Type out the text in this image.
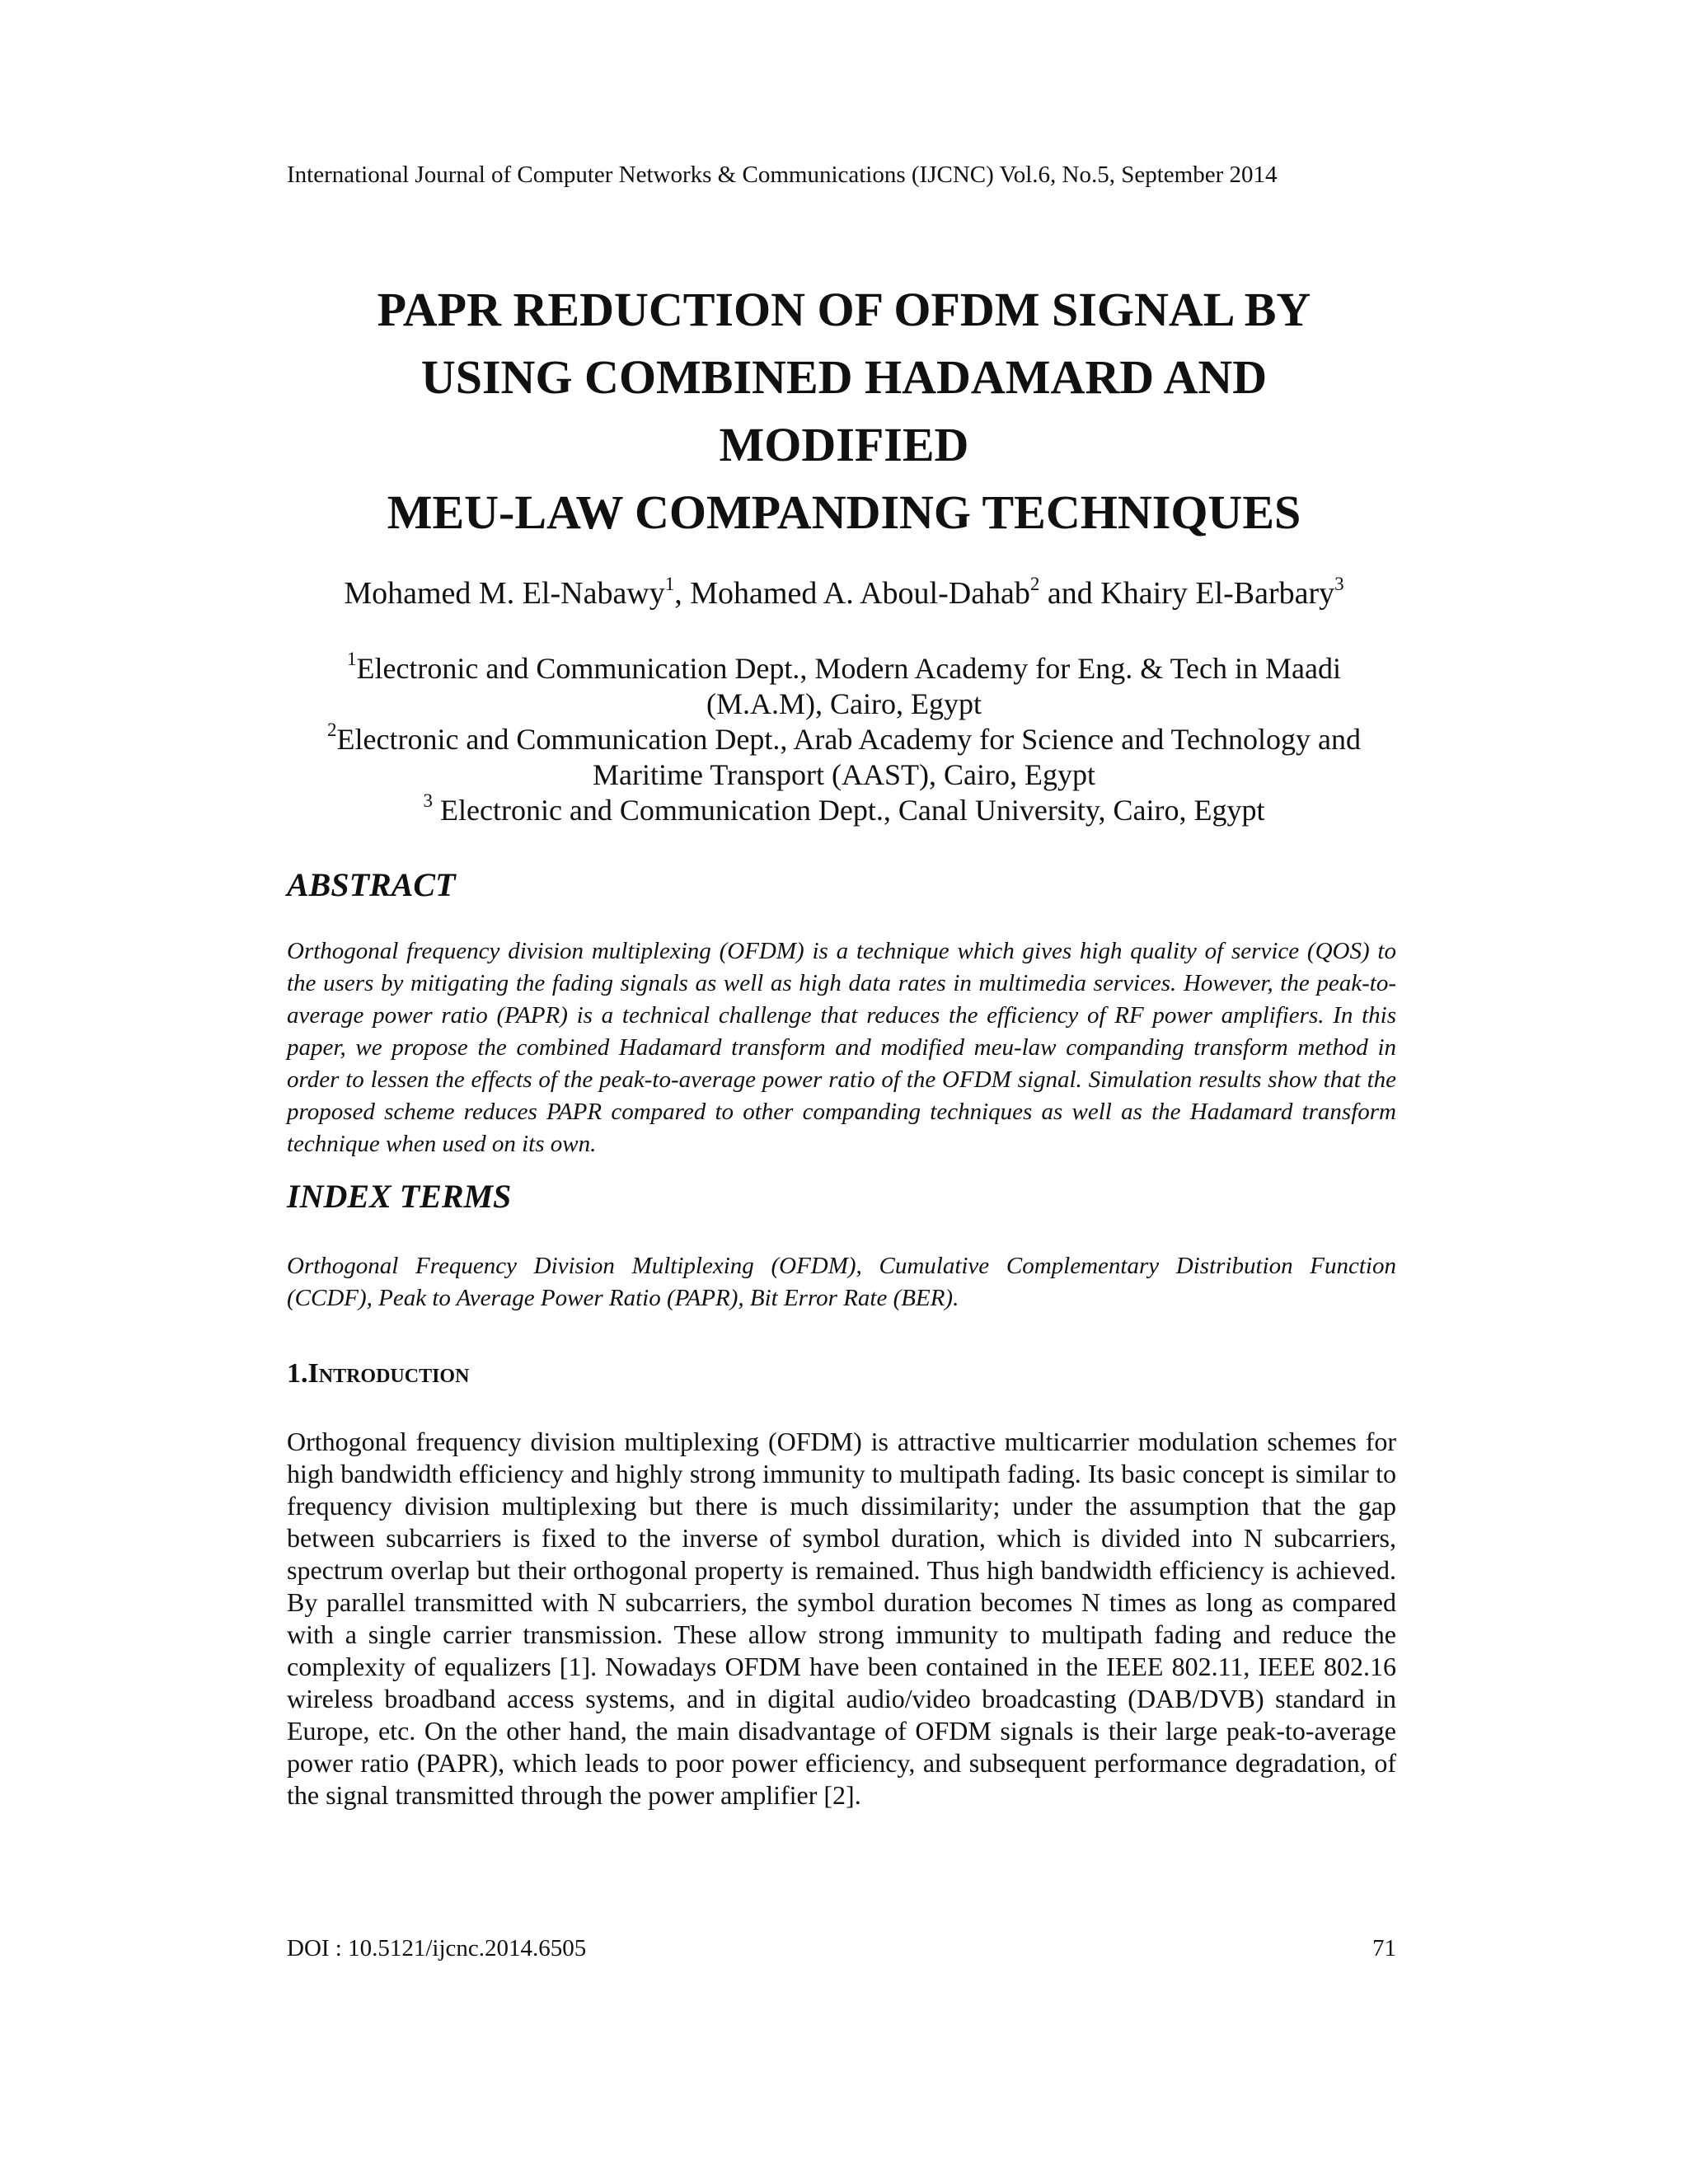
International Journal of Computer Networks & Communications (IJCNC) Vol.6, No.5, September 2014
PAPR REDUCTION OF OFDM SIGNAL BY
USING COMBINED HADAMARD AND
MODIFIED
MEU-LAW COMPANDING TECHNIQUES
Mohamed M. El-Nabawy$^1$, Mohamed A. Aboul-Dahab$^2$ and Khairy El-Barbary$^3$
$^1$Electronic and Communication Dept., Modern Academy for Eng. & Tech in Maadi
(M.A.M), Cairo, Egypt
$^2$Electronic and Communication Dept., Arab Academy for Science and Technology and
Maritime Transport (AAST), Cairo, Egypt
$^3$ Electronic and Communication Dept., Canal University, Cairo, Egypt
ABSTRACT
Orthogonal frequency division multiplexing (OFDM) is a technique which gives high quality of service (QOS) to the users by mitigating the fading signals as well as high data rates in multimedia services. However, the peak-to-average power ratio (PAPR) is a technical challenge that reduces the efficiency of RF power amplifiers. In this paper, we propose the combined Hadamard transform and modified meu-law companding transform method in order to lessen the effects of the peak-to-average power ratio of the OFDM signal. Simulation results show that the proposed scheme reduces PAPR compared to other companding techniques as well as the Hadamard transform technique when used on its own.
INDEX TERMS
Orthogonal Frequency Division Multiplexing (OFDM), Cumulative Complementary Distribution Function (CCDF), Peak to Average Power Ratio (PAPR), Bit Error Rate (BER).
1.Introduction
Orthogonal frequency division multiplexing (OFDM) is attractive multicarrier modulation schemes for high bandwidth efficiency and highly strong immunity to multipath fading. Its basic concept is similar to frequency division multiplexing but there is much dissimilarity; under the assumption that the gap between subcarriers is fixed to the inverse of symbol duration, which is divided into N subcarriers, spectrum overlap but their orthogonal property is remained. Thus high bandwidth efficiency is achieved. By parallel transmitted with N subcarriers, the symbol duration becomes N times as long as compared with a single carrier transmission. These allow strong immunity to multipath fading and reduce the complexity of equalizers [1]. Nowadays OFDM have been contained in the IEEE 802.11, IEEE 802.16 wireless broadband access systems, and in digital audio/video broadcasting (DAB/DVB) standard in Europe, etc. On the other hand, the main disadvantage of OFDM signals is their large peak-to-average power ratio (PAPR), which leads to poor power efficiency, and subsequent performance degradation, of the signal transmitted through the power amplifier [2].
DOI : 10.5121/ijcnc.2014.6505	71
